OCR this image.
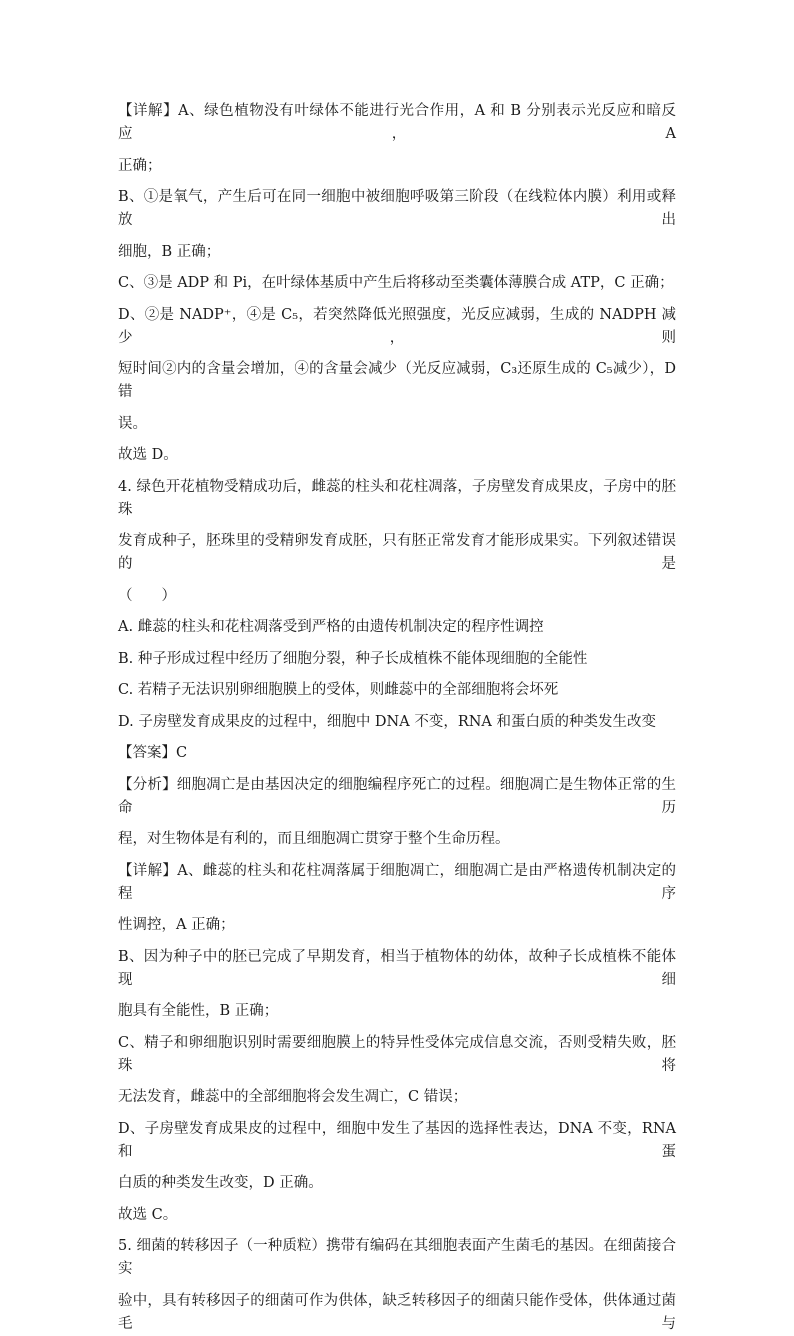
【详解】A、绿色植物没有叶绿体不能进行光合作用，A 和 B 分别表示光反应和暗反应，A

正确；

B、①是氧气，产生后可在同一细胞中被细胞呼吸第三阶段（在线粒体内膜）利用或释放出

细胞，B 正确；

C、③是 ADP 和 Pi，在叶绿体基质中产生后将移动至类囊体薄膜合成 ATP，C 正确；

D、②是 NADP⁺，④是 C₅，若突然降低光照强度，光反应减弱，生成的 NADPH 减少，则

短时间②内的含量会增加，④的含量会减少（光反应减弱，C₃还原生成的 C₅减少），D 错

误。

故选 D。

4. 绿色开花植物受精成功后，雌蕊的柱头和花柱凋落，子房壁发育成果皮，子房中的胚珠

发育成种子，胚珠里的受精卵发育成胚，只有胚正常发育才能形成果实。下列叙述错误的是

（　　）

A. 雌蕊的柱头和花柱凋落受到严格的由遗传机制决定的程序性调控

B. 种子形成过程中经历了细胞分裂，种子长成植株不能体现细胞的全能性

C. 若精子无法识别卵细胞膜上的受体，则雌蕊中的全部细胞将会坏死

D. 子房壁发育成果皮的过程中，细胞中 DNA 不变，RNA 和蛋白质的种类发生改变

【答案】C

【分析】细胞凋亡是由基因决定的细胞编程序死亡的过程。细胞凋亡是生物体正常的生命历

程，对生物体是有利的，而且细胞凋亡贯穿于整个生命历程。

【详解】A、雌蕊的柱头和花柱凋落属于细胞凋亡，细胞凋亡是由严格遗传机制决定的程序

性调控，A 正确；

B、因为种子中的胚已完成了早期发育，相当于植物体的幼体，故种子长成植株不能体现细

胞具有全能性，B 正确；

C、精子和卵细胞识别时需要细胞膜上的特异性受体完成信息交流，否则受精失败，胚珠将

无法发育，雌蕊中的全部细胞将会发生凋亡，C 错误；

D、子房壁发育成果皮的过程中，细胞中发生了基因的选择性表达，DNA 不变，RNA 和蛋

白质的种类发生改变，D 正确。

故选 C。

5. 细菌的转移因子（一种质粒）携带有编码在其细胞表面产生菌毛的基因。在细菌接合实

验中，具有转移因子的细菌可作为供体，缺乏转移因子的细菌只能作受体，供体通过菌毛与
